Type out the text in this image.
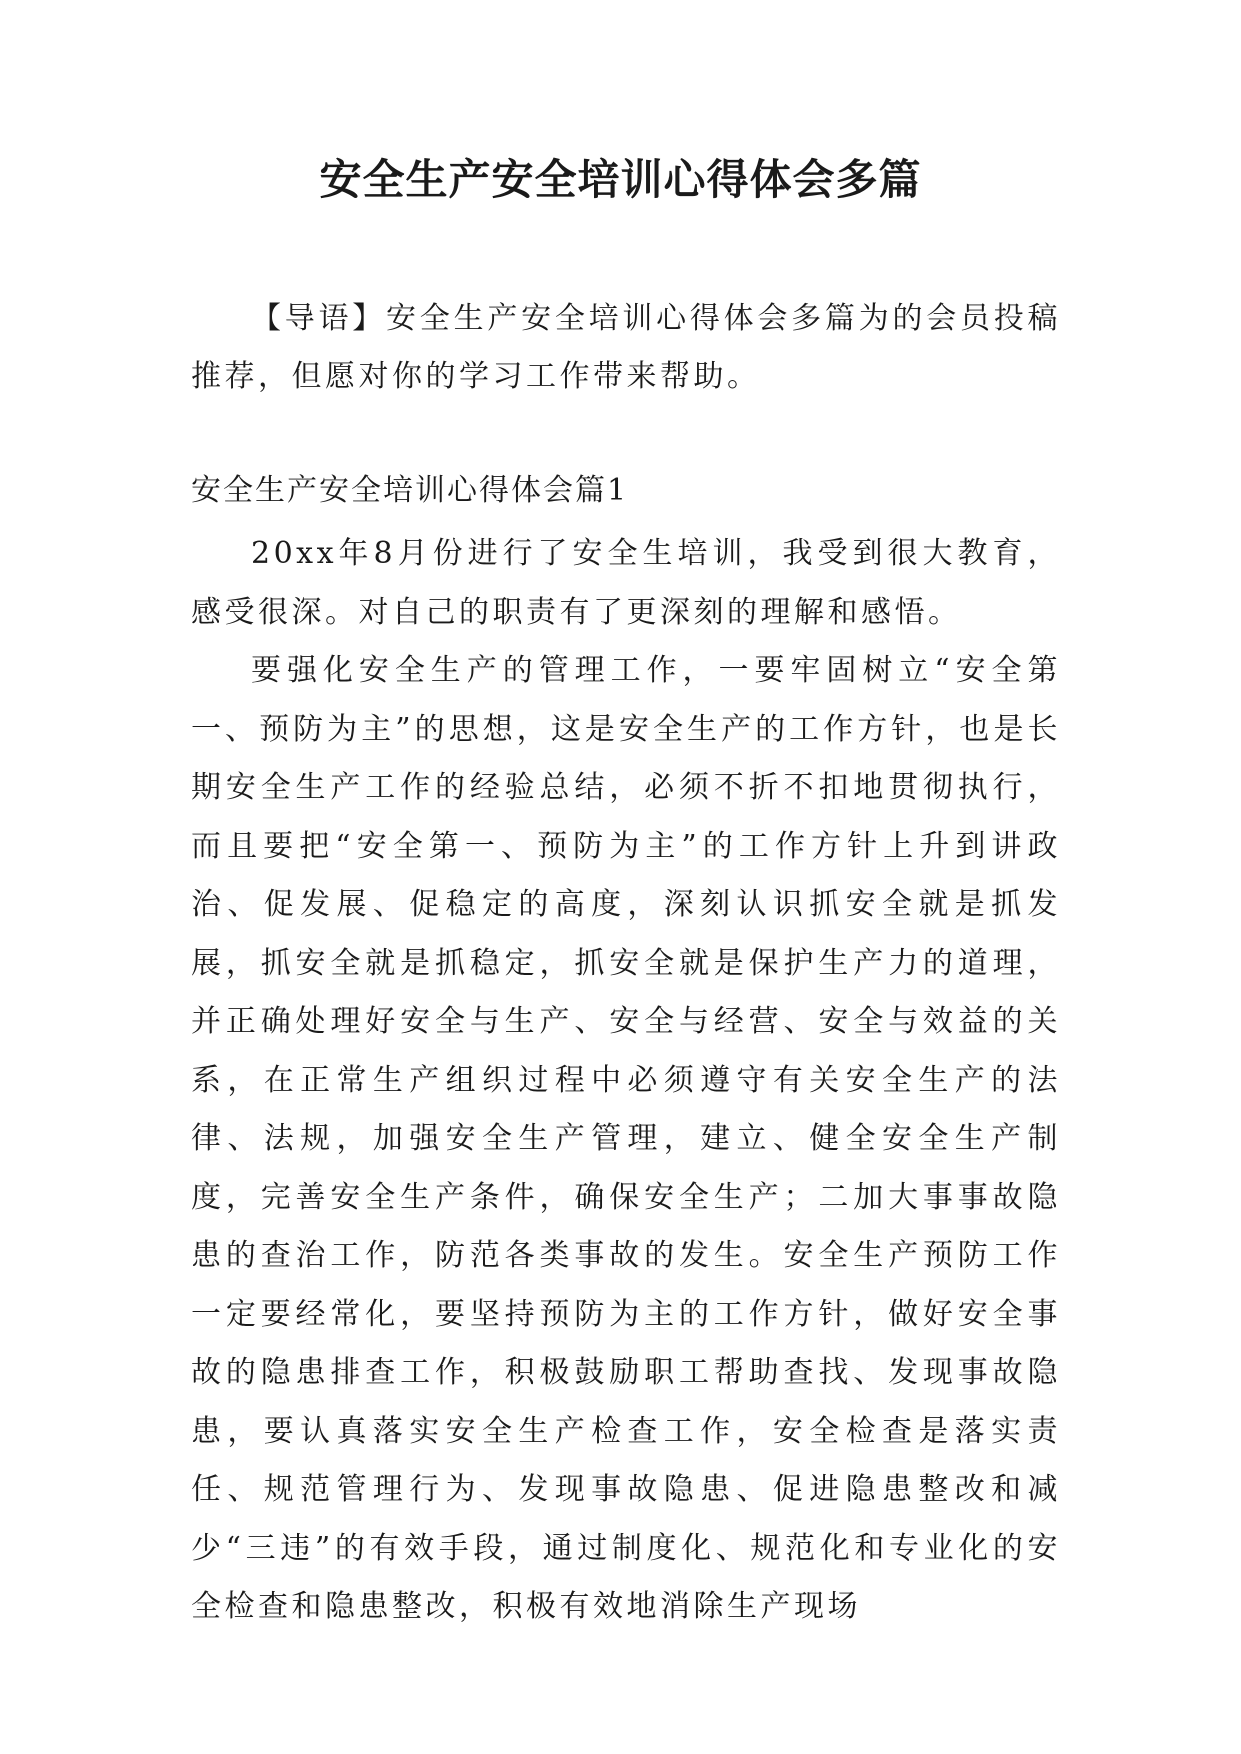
安全生产安全培训心得体会多篇

【导语】安全生产安全培训心得体会多篇为的会员投稿推荐，但愿对你的学习工作带来帮助。

安全生产安全培训心得体会篇1

20xx年8月份进行了安全生培训，我受到很大教育，感受很深。对自己的职责有了更深刻的理解和感悟。

要强化安全生产的管理工作，一要牢固树立“安全第一、预防为主”的思想，这是安全生产的工作方针，也是长期安全生产工作的经验总结，必须不折不扣地贯彻执行，而且要把“安全第一、预防为主”的工作方针上升到讲政治、促发展、促稳定的高度，深刻认识抓安全就是抓发展，抓安全就是抓稳定，抓安全就是保护生产力的道理，并正确处理好安全与生产、安全与经营、安全与效益的关系，在正常生产组织过程中必须遵守有关安全生产的法律、法规，加强安全生产管理，建立、健全安全生产制度，完善安全生产条件，确保安全生产；二加大事事故隐患的查治工作，防范各类事故的发生。安全生产预防工作一定要经常化，要坚持预防为主的工作方针，做好安全事故的隐患排查工作，积极鼓励职工帮助查找、发现事故隐患，要认真落实安全生产检查工作，安全检查是落实责任、规范管理行为、发现事故隐患、促进隐患整改和减少“三违”的有效手段，通过制度化、规范化和专业化的安全检查和隐患整改，积极有效地消除生产现场
